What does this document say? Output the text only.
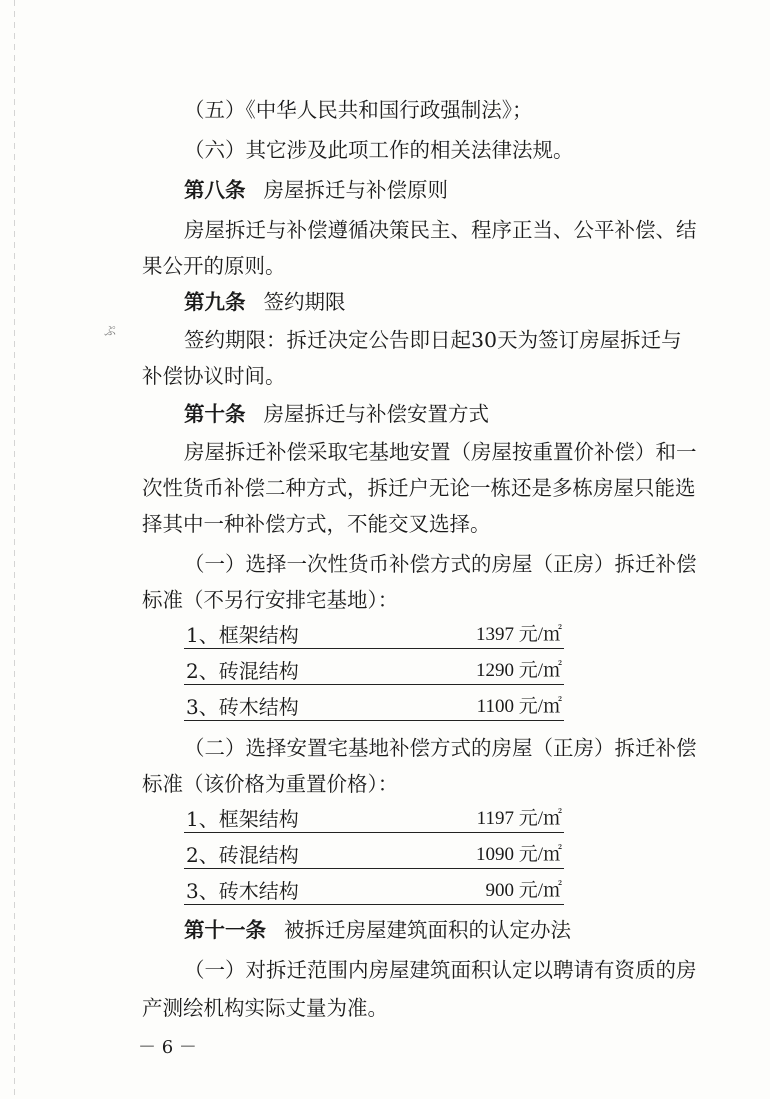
ぷ
（五）《中华人民共和国行政强制法》；
（六）其它涉及此项工作的相关法律法规。
第八条 房屋拆迁与补偿原则
房屋拆迁与补偿遵循决策民主、程序正当、公平补偿、结
果公开的原则。
第九条 签约期限
签约期限：拆迁决定公告即日起30天为签订房屋拆迁与
补偿协议时间。
第十条 房屋拆迁与补偿安置方式
房屋拆迁补偿采取宅基地安置（房屋按重置价补偿）和一
次性货币补偿二种方式，拆迁户无论一栋还是多栋房屋只能选
择其中一种补偿方式，不能交叉选择。
（一）选择一次性货币补偿方式的房屋（正房）拆迁补偿
标准（不另行安排宅基地）：
1、框架结构	1397 元/㎡
2、砖混结构	1290 元/㎡
3、砖木结构	1100 元/㎡
（二）选择安置宅基地补偿方式的房屋（正房）拆迁补偿
标准（该价格为重置价格）：
1、框架结构	1197 元/㎡
2、砖混结构	1090 元/㎡
3、砖木结构	900 元/㎡
第十一条 被拆迁房屋建筑面积的认定办法
（一）对拆迁范围内房屋建筑面积认定以聘请有资质的房
产测绘机构实际丈量为准。
－ 6 －
